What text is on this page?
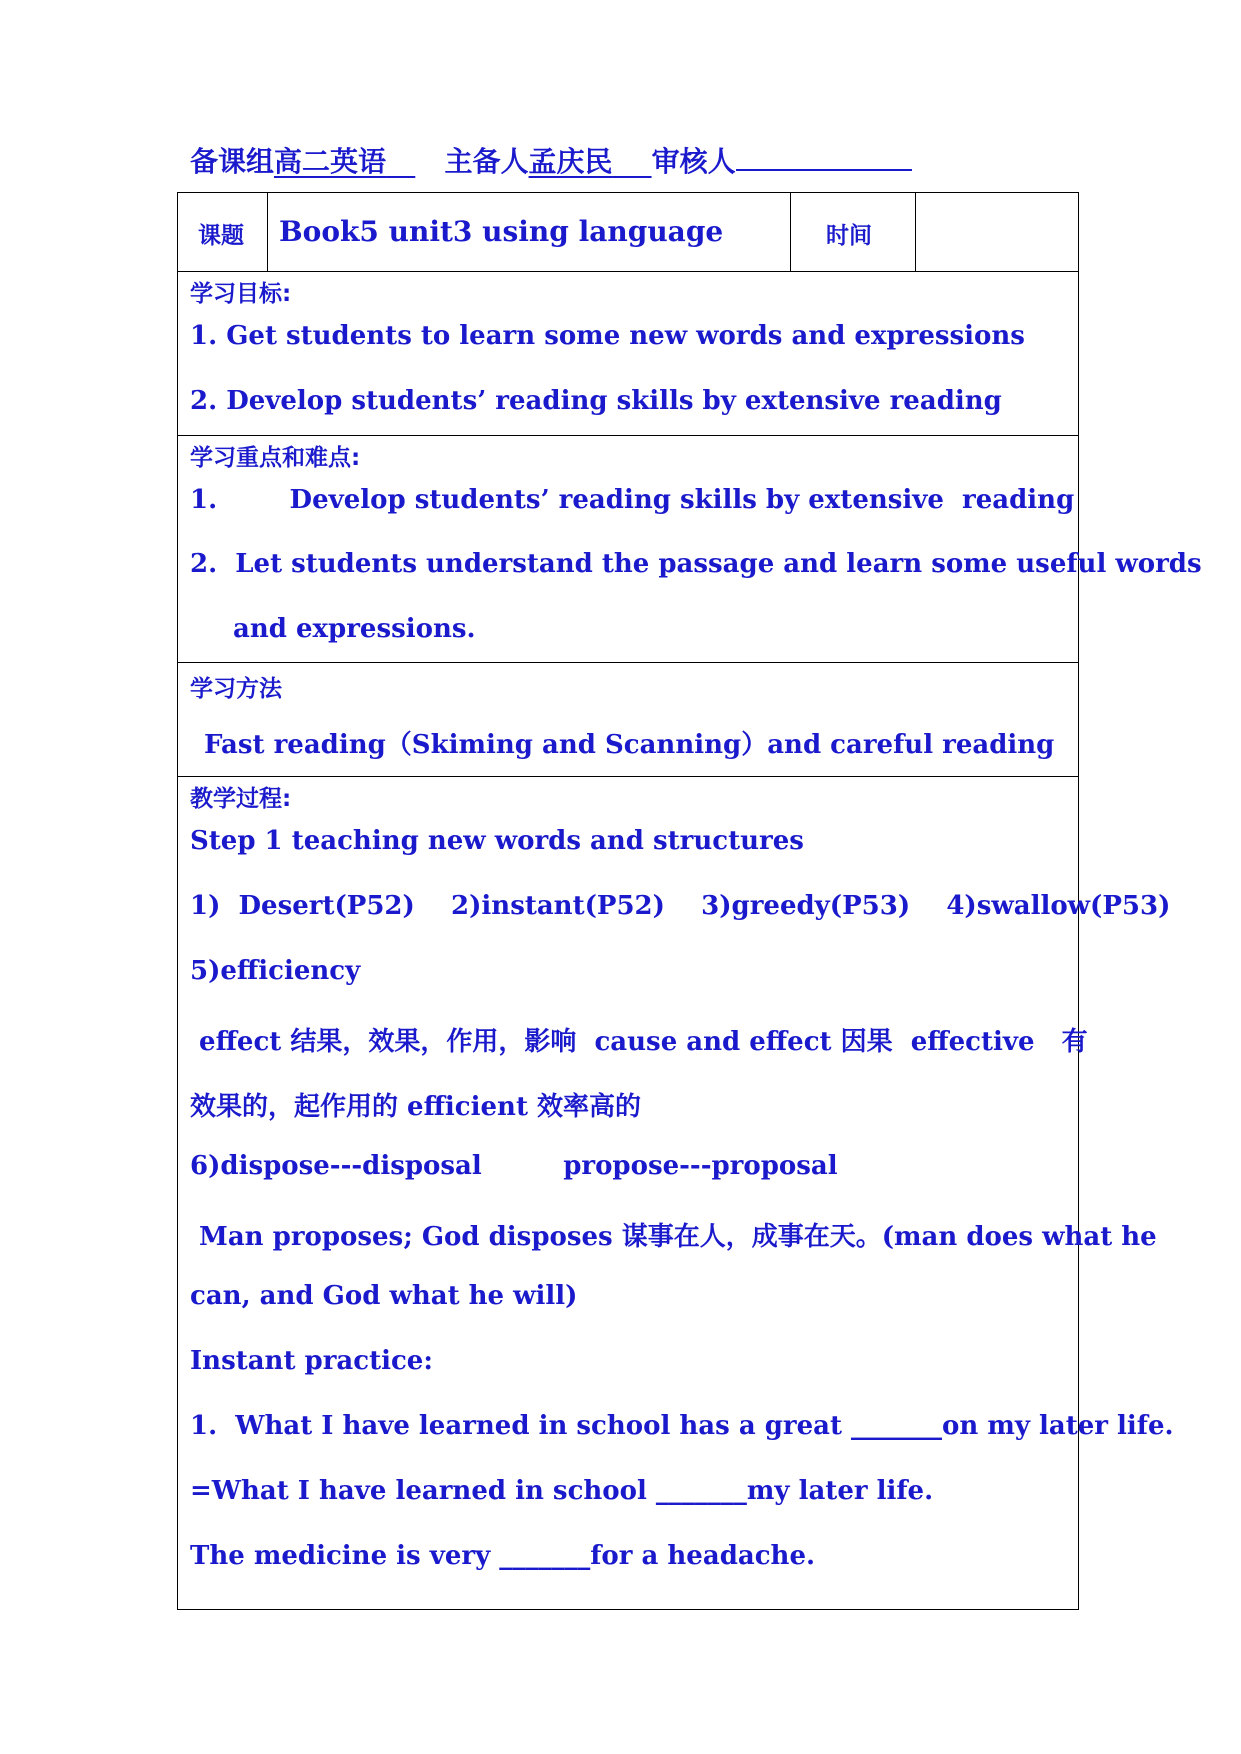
备课组高二英语 主备人孟庆民 审核人
课题 Book5 unit3 using language	时间
学习目标:
1. Get students to learn some new words and expressions
2. Develop students’ reading skills by extensive reading
学习重点和难点:
1.        Develop students’ reading skills by extensive  reading
2.  Let students understand the passage and learn some useful words
and expressions.
学习方法
Fast reading（Skiming and Scanning）and careful reading
教学过程:
Step 1 teaching new words and structures
1)  Desert(P52)    2)instant(P52)    3)greedy(P53)    4)swallow(P53)
5)efficiency
effect 结果，效果，作用，影响  cause and effect 因果  effective   有
效果的，起作用的 efficient 效率高的
6)dispose---disposal         propose---proposal
Man proposes; God disposes 谋事在人，成事在天。(man does what he
can, and God what he will)
Instant practice:
1.  What I have learned in school has a great _______on my later life.
=What I have learned in school _______my later life.
The medicine is very _______for a headache.
